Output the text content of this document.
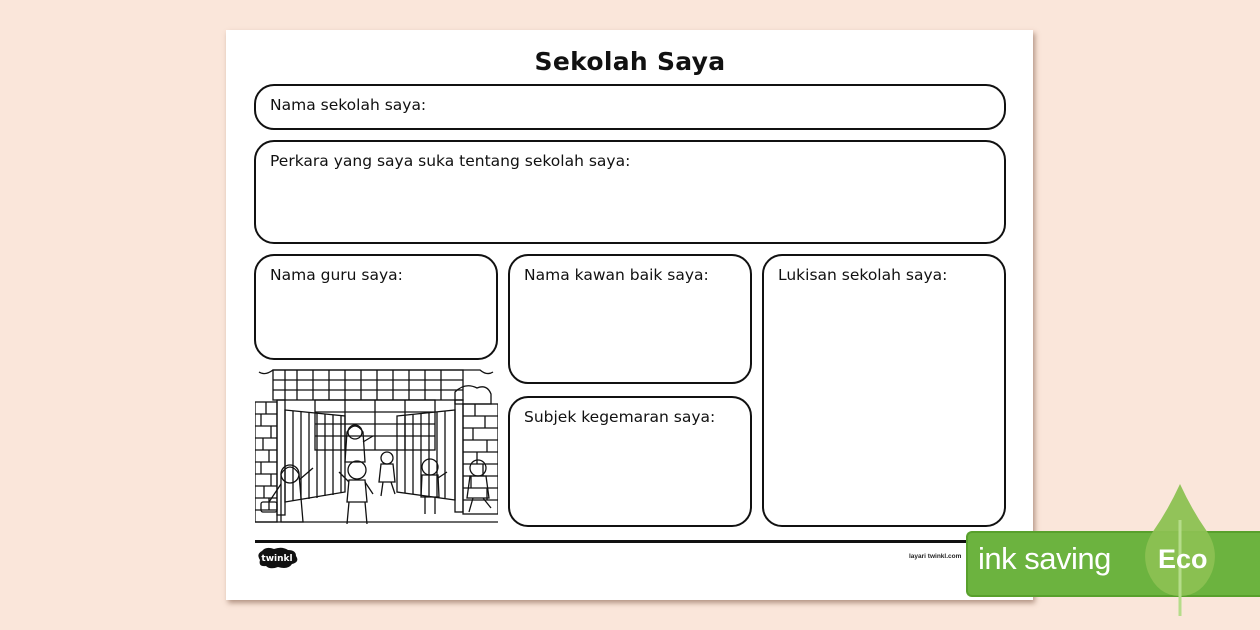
Sekolah Saya
Nama sekolah saya:
Perkara yang saya suka tentang sekolah saya:
Nama guru saya:	Nama kawan baik saya:	Lukisan sekolah saya:
Subjek kegemaran saya:
twinkl	layari twinkl.com ink saving Eco
